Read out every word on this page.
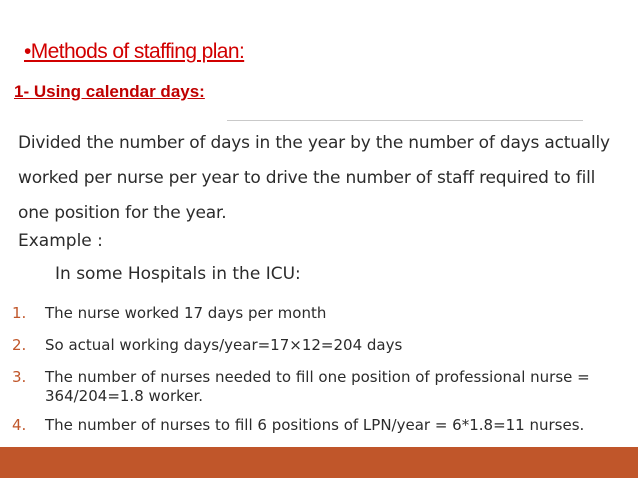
•Methods of staffing plan:
1- Using calendar days:
Divided the number of days in the year by the number of days actually
worked per nurse per year to drive the number of staff required to fill
one position for the year.
Example :
In some Hospitals in the ICU:
1. The nurse worked 17 days per month
2. So actual working days/year=17×12=204 days
3. The number of nurses needed to fill one position of professional nurse =
364/204=1.8 worker.
4. The number of nurses to fill 6 positions of LPN/year = 6*1.8=11 nurses.
